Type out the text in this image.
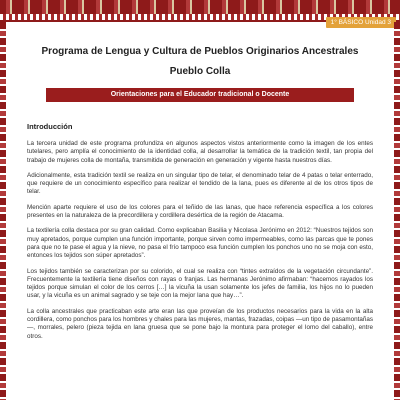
1° BÁSICO Unidad 3
Programa de Lengua y Cultura de Pueblos Originarios Ancestrales
Pueblo Colla
Orientaciones para el Educador tradicional o Docente
Introducción

La tercera unidad de este programa profundiza en algunos aspectos vistos anteriormente como la imagen de los entes tutelares, pero amplía el conocimiento de la identidad colla, al desarrollar la temática de la tradición textil, tan propia del trabajo de mujeres colla de montaña, transmitida de generación en generación y vigente hasta nuestros días.

Adicionalmente, esta tradición textil se realiza en un singular tipo de telar, el denominado telar de 4 patas o telar enterrado, que requiere de un conocimiento específico para realizar el tendido de la lana, pues es diferente al de los otros tipos de telar.

Mención aparte requiere el uso de los colores para el teñido de las lanas, que hace referencia específica a los colores presentes en la naturaleza de la precordillera y cordillera desértica de la región de Atacama.

La textilería colla destaca por su gran calidad. Como explicaban Basilia y Nicolasa Jerónimo en 2012: “Nuestros tejidos son muy apretados, porque cumplen una función importante, porque sirven como impermeables, como las parcas que te pones para que no te pase el agua y la nieve, no pasa el frío tampoco esa función cumplen los ponchos uno no se moja con esto, entonces los tejidos son súper apretados”.

Los tejidos también se caracterizan por su colorido, el cual se realiza con “tintes extraídos de la vegetación circundante”. Frecuentemente la textilería tiene diseños con rayas o franjas. Las hermanas Jerónimo afirmaban: “hacemos rayados los tejidos porque simulan el color de los cerros […] la vicuña la usan solamente los jefes de familia, los hijos no lo pueden usar, y la vicuña es un animal sagrado y se teje con la mejor lana que hay…”.

La colla ancestrales que practicaban este arte eran las que proveían de los productos necesarios para la vida en la alta cordillera, como ponchos para los hombres y chales para las mujeres, mantas, frazadas, coipas —un tipo de pasamontañas—, morrales, pelero (pieza tejida en lana gruesa que se pone bajo la montura para proteger el lomo del caballo), entre otros.
